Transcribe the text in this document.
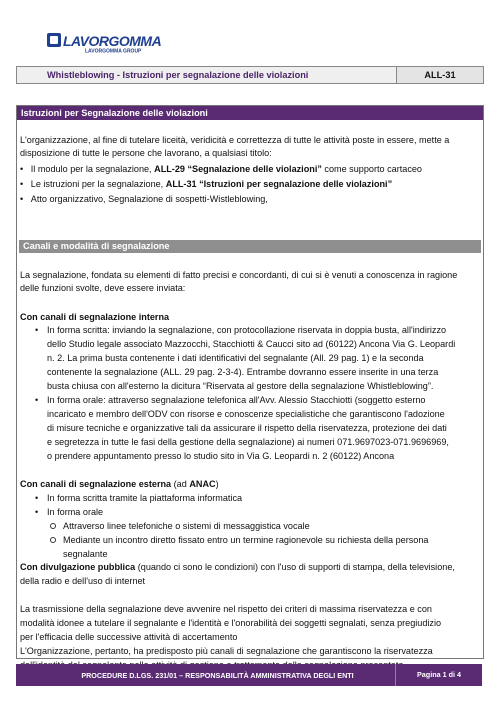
LAVORGOMMA
LAVORGOMMA GROUP
Whistleblowing - Istruzioni per segnalazione delle violazioni	ALL-31
Istruzioni per Segnalazione delle violazioni
L'organizzazione, al fine di tutelare liceità, veridicità e correttezza di tutte le attività poste in essere, mette a
disposizione di tutte le persone che lavorano, a qualsiasi titolo:
•   Il modulo per la segnalazione, ALL-29 “Segnalazione delle violazioni” come supporto cartaceo
•   Le istruzioni per la segnalazione, ALL-31 “Istruzioni per segnalazione delle violazioni”
•   Atto organizzativo, Segnalazione di sospetti-Wistleblowing,
Canali e modalità di segnalazione
La segnalazione, fondata su elementi di fatto precisi e concordanti, di cui si è venuti a conoscenza in ragione
delle funzioni svolte, deve essere inviata:
Con canali di segnalazione interna
• In forma scritta: inviando la segnalazione, con protocollazione riservata in doppia busta, all'indirizzo
dello Studio legale associato Mazzocchi, Stacchiotti & Caucci sito ad (60122) Ancona Via G. Leopardi
n. 2. La prima busta contenente i dati identificativi del segnalante (All. 29 pag. 1) e la seconda
contenente la segnalazione (ALL. 29 pag. 2-3-4). Entrambe dovranno essere inserite in una terza
busta chiusa con all'esterno la dicitura “Riservata al gestore della segnalazione Whistleblowing”.
• In forma orale: attraverso segnalazione telefonica all'Avv. Alessio Stacchiotti (soggetto esterno
incaricato e membro dell'ODV con risorse e conoscenze specialistiche che garantiscono l'adozione
di misure tecniche e organizzative tali da assicurare il rispetto della riservatezza, protezione dei dati
e segretezza in tutte le fasi della gestione della segnalazione) ai numeri 071.9697023-071.9696969,
o prendere appuntamento presso lo studio sito in Via G. Leopardi n. 2 (60122) Ancona
Con canali di segnalazione esterna (ad ANAC)
• In forma scritta tramite la piattaforma informatica
• In forma orale
Attraverso linee telefoniche o sistemi di messaggistica vocale
Mediante un incontro diretto fissato entro un termine ragionevole su richiesta della persona
segnalante
Con divulgazione pubblica (quando ci sono le condizioni) con l'uso di supporti di stampa, della televisione,
della radio e dell'uso di internet
La trasmissione della segnalazione deve avvenire nel rispetto dei criteri di massima riservatezza e con
modalità idonee a tutelare il segnalante e l'identità e l'onorabilità dei soggetti segnalati, senza pregiudizio
per l'efficacia delle successive attività di accertamento
L'Organizzazione, pertanto, ha predisposto più canali di segnalazione che garantiscono la riservatezza
PROCEDURE D.LGS. 231/01 – RESPONSABILITÀ AMMINISTRATIVA DEGLI ENTI	Pagina 1 di 4
